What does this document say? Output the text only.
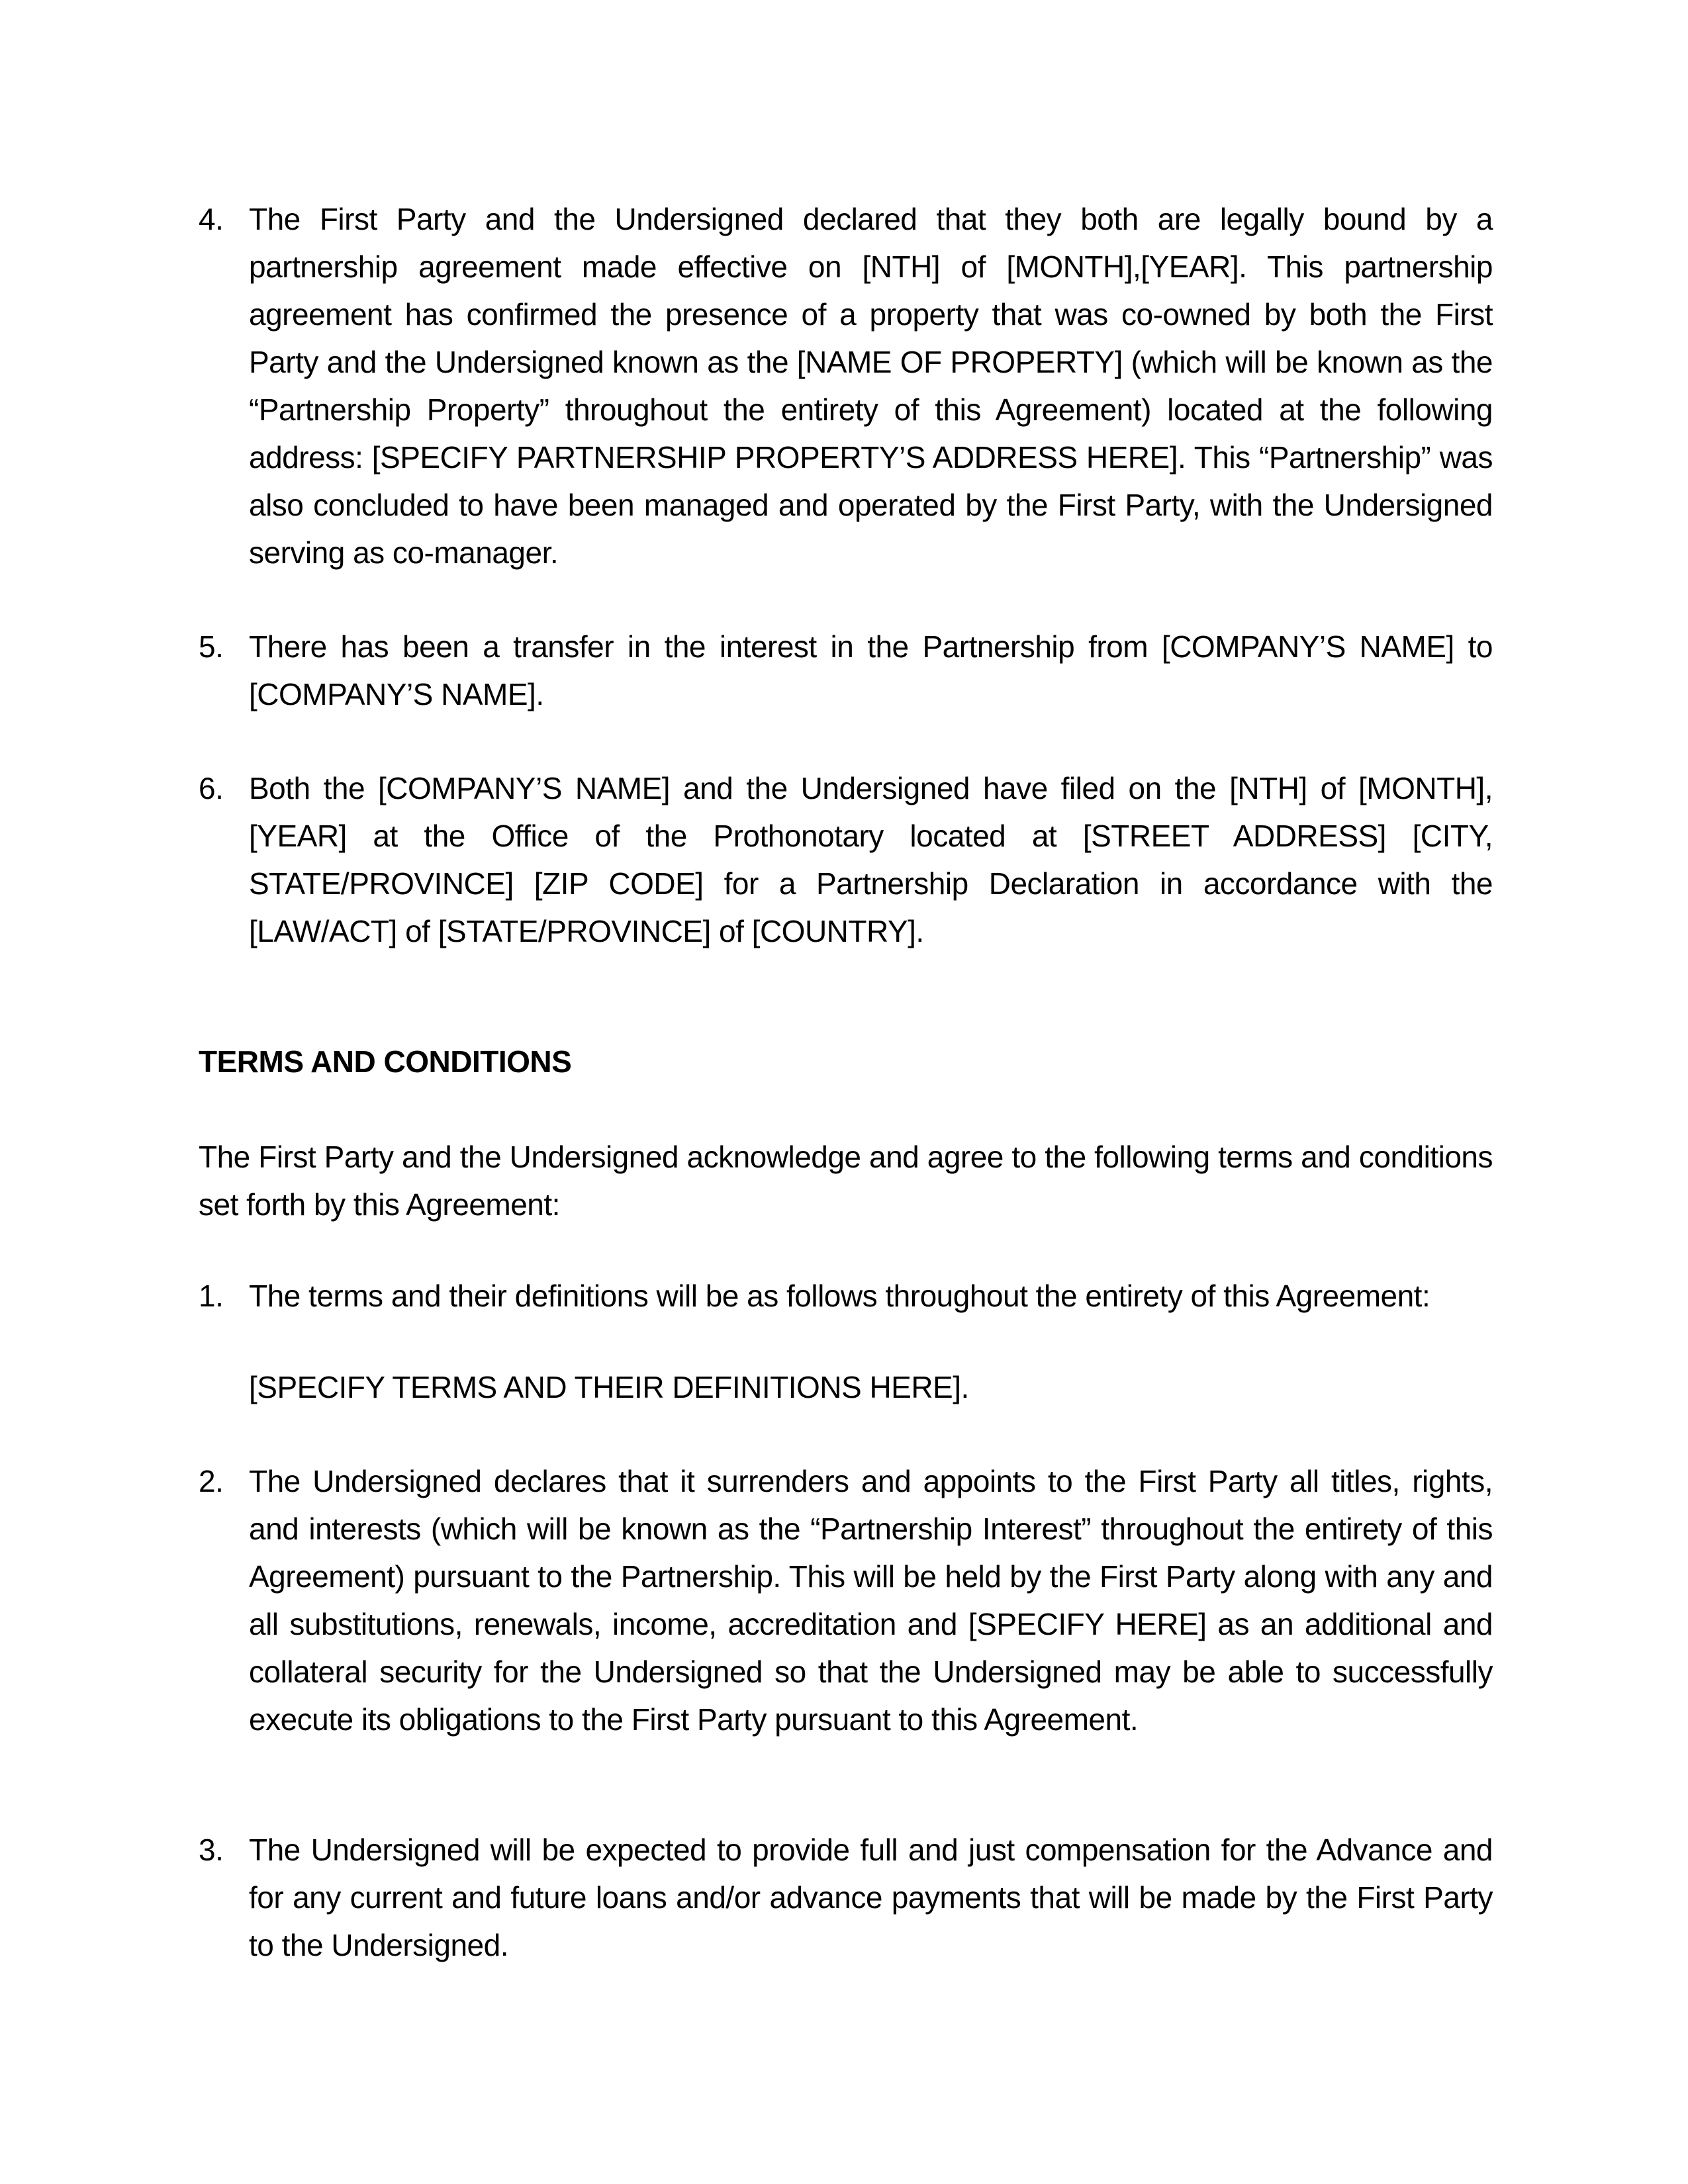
4. The First Party and the Undersigned declared that they both are legally bound by a partnership agreement made effective on [NTH] of [MONTH],[YEAR]. This partnership agreement has confirmed the presence of a property that was co-owned by both the First Party and the Undersigned known as the [NAME OF PROPERTY] (which will be known as the “Partnership Property” throughout the entirety of this Agreement) located at the following address: [SPECIFY PARTNERSHIP PROPERTY’S ADDRESS HERE]. This “Partnership” was also concluded to have been managed and operated by the First Party, with the Undersigned serving as co-manager.

5. There has been a transfer in the interest in the Partnership from [COMPANY’S NAME] to [COMPANY’S NAME].

6. Both the [COMPANY’S NAME] and the Undersigned have filed on the [NTH] of [MONTH],[YEAR] at the Office of the Prothonotary located at [STREET ADDRESS] [CITY, STATE/PROVINCE] [ZIP CODE] for a Partnership Declaration in accordance with the [LAW/ACT] of [STATE/PROVINCE] of [COUNTRY].

TERMS AND CONDITIONS

The First Party and the Undersigned acknowledge and agree to the following terms and conditions set forth by this Agreement:

1. The terms and their definitions will be as follows throughout the entirety of this Agreement:

[SPECIFY TERMS AND THEIR DEFINITIONS HERE].

2. The Undersigned declares that it surrenders and appoints to the First Party all titles, rights, and interests (which will be known as the “Partnership Interest” throughout the entirety of this Agreement) pursuant to the Partnership. This will be held by the First Party along with any and all substitutions, renewals, income, accreditation and [SPECIFY HERE] as an additional and collateral security for the Undersigned so that the Undersigned may be able to successfully execute its obligations to the First Party pursuant to this Agreement.

3. The Undersigned will be expected to provide full and just compensation for the Advance and for any current and future loans and/or advance payments that will be made by the First Party to the Undersigned.
